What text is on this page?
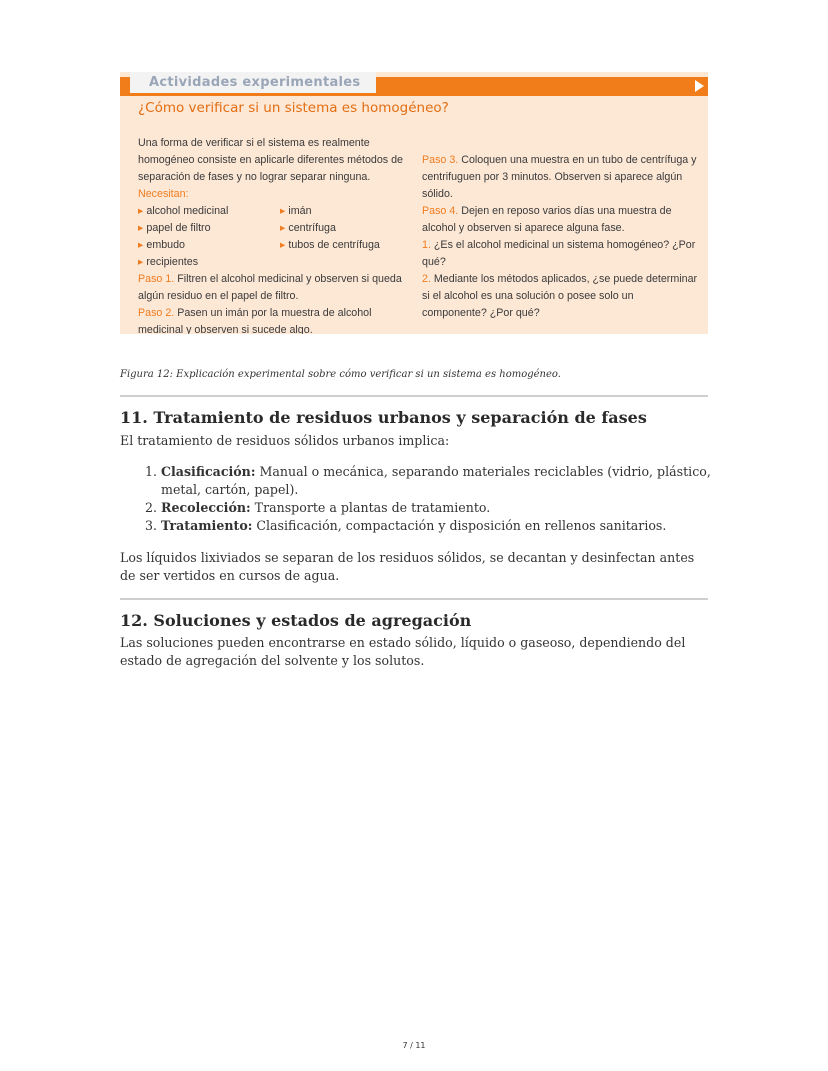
Actividades experimentales
¿Cómo verificar si un sistema es homogéneo?

Una forma de verificar si el sistema es realmente homogéneo consiste en aplicarle diferentes métodos de separación de fases y no lograr separar ninguna.

Necesitan:

▸ alcohol medicinal	▸ imán
▸ papel de filtro	▸ centrífuga
▸ embudo	▸ tubos de centrífuga
▸ recipientes

Paso 1. Filtren el alcohol medicinal y observen si queda algún residuo en el papel de filtro.

Paso 2. Pasen un imán por la muestra de alcohol medicinal y observen si sucede algo.

Paso 3. Coloquen una muestra en un tubo de centrífuga y centrifuguen por 3 minutos. Observen si aparece algún sólido.

Paso 4. Dejen en reposo varios días una muestra de alcohol y observen si aparece alguna fase.

1. ¿Es el alcohol medicinal un sistema homogéneo? ¿Por qué?

2. Mediante los métodos aplicados, ¿se puede determinar si el alcohol es una solución o posee solo un componente? ¿Por qué?

Figura 12: Explicación experimental sobre cómo verificar si un sistema es homogéneo.
11. Tratamiento de residuos urbanos y separación de fases

El tratamiento de residuos sólidos urbanos implica:

1. Clasificación: Manual o mecánica, separando materiales reciclables (vidrio, plástico, metal, cartón, papel).
2. Recolección: Transporte a plantas de tratamiento.
3. Tratamiento: Clasificación, compactación y disposición en rellenos sanitarios.

Los líquidos lixiviados se separan de los residuos sólidos, se decantan y desinfectan antes de ser vertidos en cursos de agua.

12. Soluciones y estados de agregación

Las soluciones pueden encontrarse en estado sólido, líquido o gaseoso, dependiendo del estado de agregación del solvente y los solutos.

7 / 11
